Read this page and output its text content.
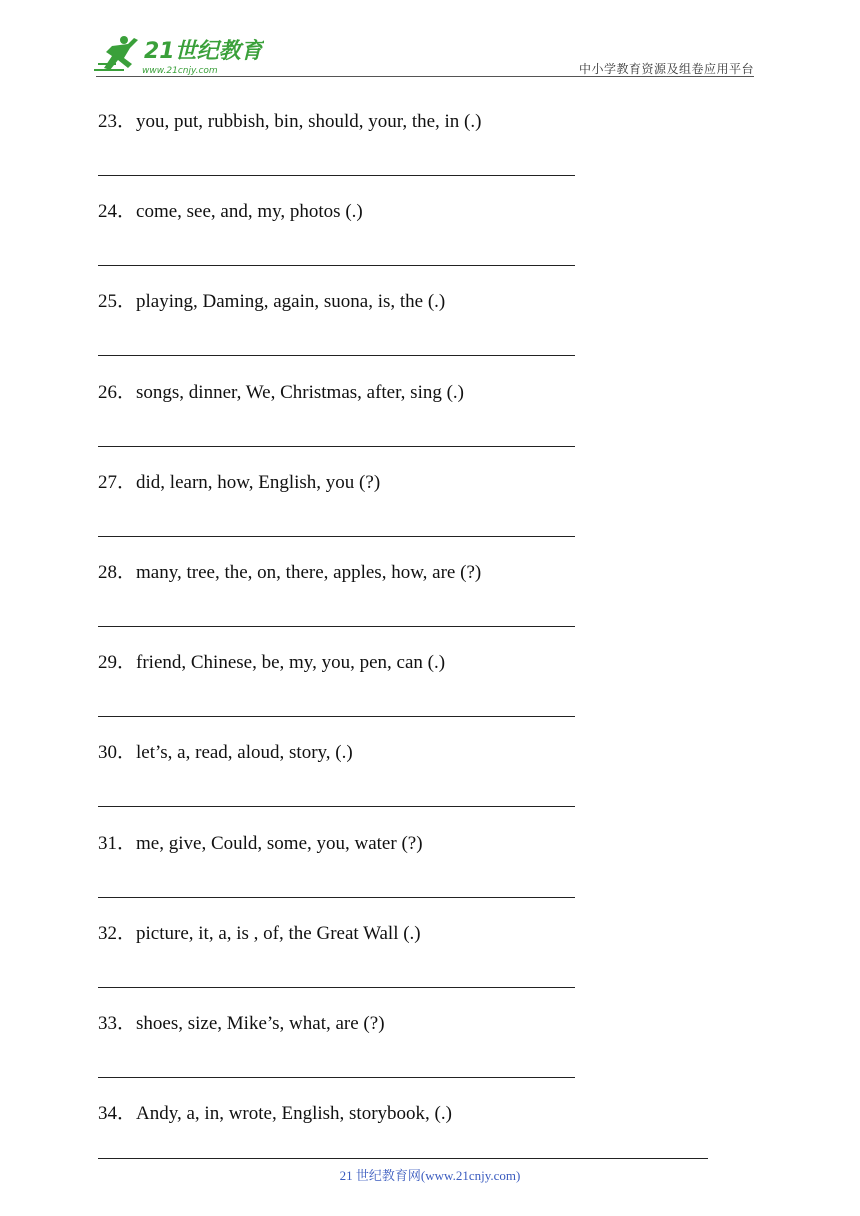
21世纪教育
www.21cnjy.com	中小学教育资源及组卷应用平台
23．you, put, rubbish, bin, should, your, the, in (.)
24．come, see, and, my, photos (.)
25．playing, Daming, again, suona, is, the (.)
26．songs, dinner, We, Christmas, after, sing (.)
27．did, learn, how, English, you (?)
28．many, tree, the, on, there, apples, how, are (?)
29．friend, Chinese, be, my, you, pen, can (.)
30．let’s, a, read, aloud, story, (.)
31．me, give, Could, some, you, water (?)
32．picture, it, a, is , of, the Great Wall (.)
33．shoes, size, Mike’s, what, are (?)
34．Andy, a, in, wrote, English, storybook, (.)
21 世纪教育网(www.21cnjy.com)
